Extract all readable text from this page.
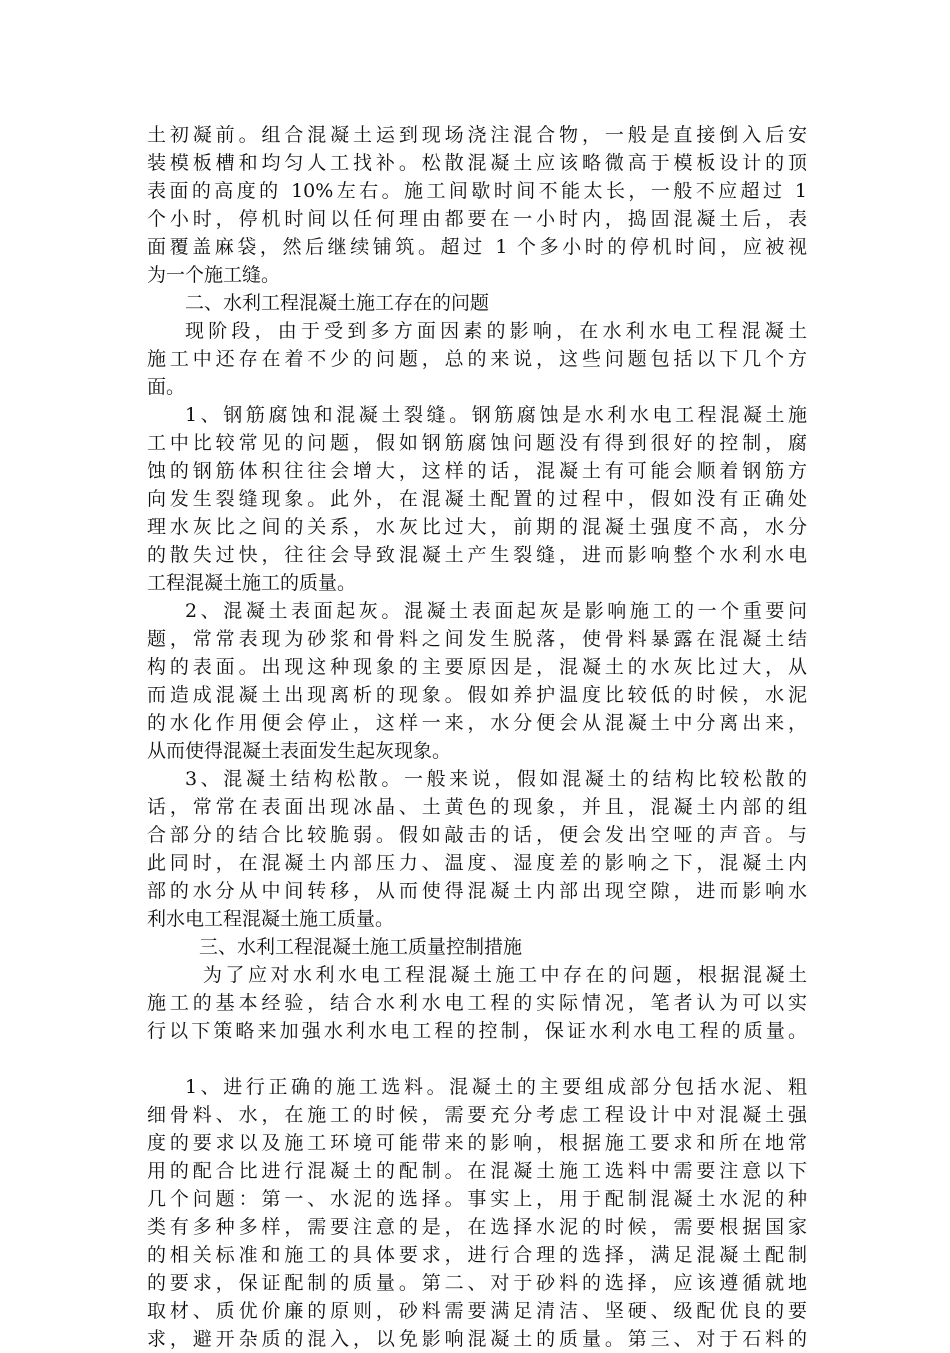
土初凝前。组合混凝土运到现场浇注混合物，一般是直接倒入后安
装模板槽和均匀人工找补。松散混凝土应该略微高于模板设计的顶
表面的高度的 10%左右。施工间歇时间不能太长，一般不应超过 1
个小时，停机时间以任何理由都要在一小时内，捣固混凝土后，表
面覆盖麻袋，然后继续铺筑。超过 1 个多小时的停机时间，应被视
为一个施工缝。
二、水利工程混凝土施工存在的问题
现阶段，由于受到多方面因素的影响，在水利水电工程混凝土
施工中还存在着不少的问题，总的来说，这些问题包括以下几个方
面。
1、钢筋腐蚀和混凝土裂缝。钢筋腐蚀是水利水电工程混凝土施
工中比较常见的问题，假如钢筋腐蚀问题没有得到很好的控制，腐
蚀的钢筋体积往往会增大，这样的话，混凝土有可能会顺着钢筋方
向发生裂缝现象。此外，在混凝土配置的过程中，假如没有正确处
理水灰比之间的关系，水灰比过大，前期的混凝土强度不高，水分
的散失过快，往往会导致混凝土产生裂缝，进而影响整个水利水电
工程混凝土施工的质量。
2、混凝土表面起灰。混凝土表面起灰是影响施工的一个重要问
题，常常表现为砂浆和骨料之间发生脱落，使骨料暴露在混凝土结
构的表面。出现这种现象的主要原因是，混凝土的水灰比过大，从
而造成混凝土出现离析的现象。假如养护温度比较低的时候，水泥
的水化作用便会停止，这样一来，水分便会从混凝土中分离出来，
从而使得混凝土表面发生起灰现象。
3、混凝土结构松散。一般来说，假如混凝土的结构比较松散的
话，常常在表面出现冰晶、土黄色的现象，并且，混凝土内部的组
合部分的结合比较脆弱。假如敲击的话，便会发出空哑的声音。与
此同时，在混凝土内部压力、温度、湿度差的影响之下，混凝土内
部的水分从中间转移，从而使得混凝土内部出现空隙，进而影响水
利水电工程混凝土施工质量。
三、水利工程混凝土施工质量控制措施
为了应对水利水电工程混凝土施工中存在的问题，根据混凝土
施工的基本经验，结合水利水电工程的实际情况，笔者认为可以实
行以下策略来加强水利水电工程的控制，保证水利水电工程的质量。
1、进行正确的施工选料。混凝土的主要组成部分包括水泥、粗
细骨料、水，在施工的时候，需要充分考虑工程设计中对混凝土强
度的要求以及施工环境可能带来的影响，根据施工要求和所在地常
用的配合比进行混凝土的配制。在混凝土施工选料中需要注意以下
几个问题：第一、水泥的选择。事实上，用于配制混凝土水泥的种
类有多种多样，需要注意的是，在选择水泥的时候，需要根据国家
的相关标准和施工的具体要求，进行合理的选择，满足混凝土配制
的要求，保证配制的质量。第二、对于砂料的选择，应该遵循就地
取材、质优价廉的原则，砂料需要满足清洁、坚硬、级配优良的要
求，避开杂质的混入，以免影响混凝土的质量。第三、对于石料的
